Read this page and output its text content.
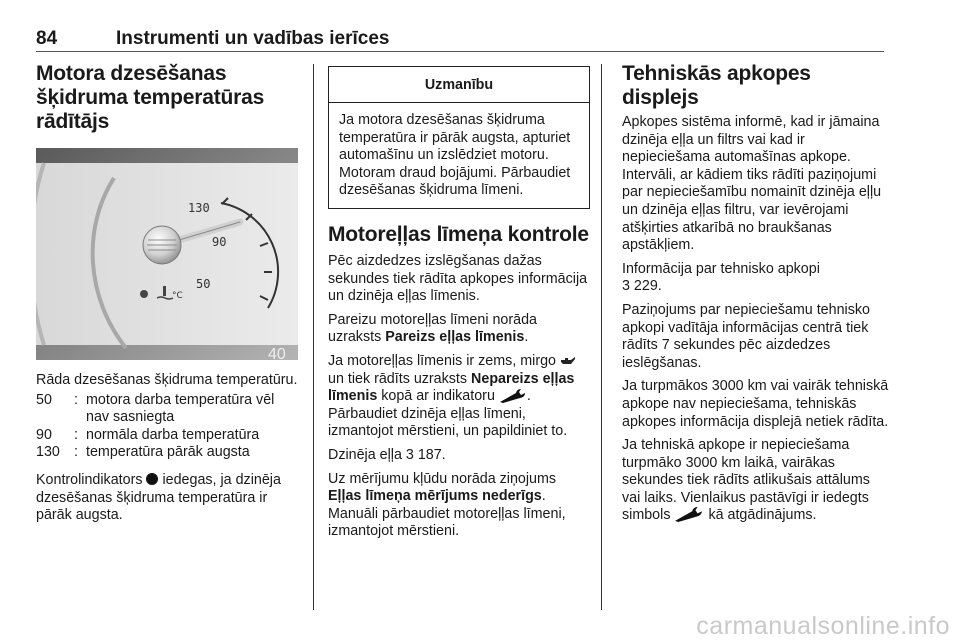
84	Instrumenti un vadības ierīces
Motora dzesēšanas
šķidruma temperatūras
rādītājs
130
90
50
°C
40

Rāda dzesēšanas šķidruma temperatūru.

50	: motora darba temperatūra vēl nav sasniegta
90	: normāla darba temperatūra
130 : temperatūra pārāk augsta

Kontrolindikators iedegas, ja dzinēja dzesēšanas šķidruma temperatūra ir pārāk augsta.

Uzmanību
Ja motora dzesēšanas šķidruma temperatūra ir pārāk augsta, apturiet automašīnu un izslēdziet motoru. Motoram draud bojājumi. Pārbaudiet dzesēšanas šķidruma līmeni.
Motoreļļas līmeņa kontrole

Pēc aizdedzes izslēgšanas dažas sekundes tiek rādīta apkopes informācija un dzinēja eļļas līmenis.

Pareizu motoreļļas līmeni norāda uzraksts Pareizs eļļas līmenis.

Ja motoreļļas līmenis ir zems, mirgo  un tiek rādīts uzraksts Nepareizs eļļas līmenis kopā ar indikatoru . Pārbaudiet dzinēja eļļas līmeni, izmantojot mērstieni, un papildiniet to.

Dzinēja eļļa 3 187.

Uz mērījumu kļūdu norāda ziņojums Eļļas līmeņa mērījums nederīgs. Manuāli pārbaudiet motoreļļas līmeni, izmantojot mērstieni.

Tehniskās apkopes displejs

Apkopes sistēma informē, kad ir jāmaina dzinēja eļļa un filtrs vai kad ir nepieciešama automašīnas apkope. Intervāli, ar kādiem tiks rādīti paziņojumi par nepieciešamību nomainīt dzinēja eļļu un dzinēja eļļas filtru, var ievērojami atšķirties atkarībā no braukšanas apstākļiem.

Informācija par tehnisko apkopi
3 229.

Paziņojums par nepieciešamu tehnisko apkopi vadītāja informācijas centrā tiek rādīts 7 sekundes pēc aizdedzes ieslēgšanas.

Ja turpmākos 3000 km vai vairāk tehniskā apkope nav nepieciešama, tehniskās apkopes informācija displejā netiek rādīta.

Ja tehniskā apkope ir nepieciešama turpmāko 3000 km laikā, vairākas sekundes tiek rādīts atlikušais attālums vai laiks. Vienlaikus pastāvīgi ir iedegts simbols	kā atgādinājums.

carmanualsonline.info
